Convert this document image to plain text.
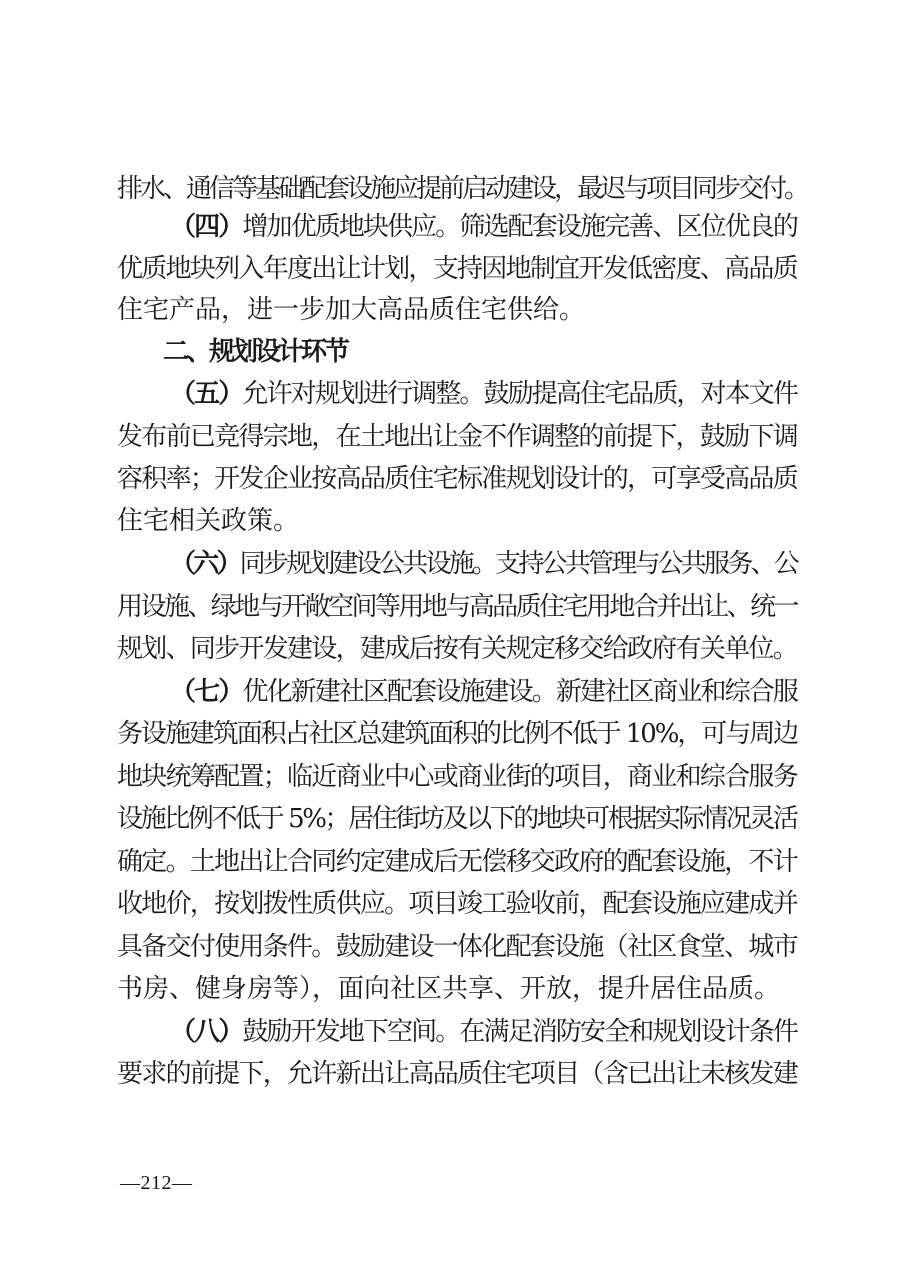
排水、通信等基础配套设施应提前启动建设，最迟与项目同步交付。
（四）增加优质地块供应。筛选配套设施完善、区位优良的
优质地块列入年度出让计划，支持因地制宜开发低密度、高品质
住宅产品，进一步加大高品质住宅供给。
二、规划设计环节
（五）允许对规划进行调整。鼓励提高住宅品质，对本文件
发布前已竞得宗地，在土地出让金不作调整的前提下，鼓励下调
容积率；开发企业按高品质住宅标准规划设计的，可享受高品质
住宅相关政策。
（六）同步规划建设公共设施。支持公共管理与公共服务、公
用设施、绿地与开敞空间等用地与高品质住宅用地合并出让、统一
规划、同步开发建设，建成后按有关规定移交给政府有关单位。
（七）优化新建社区配套设施建设。新建社区商业和综合服
务设施建筑面积占社区总建筑面积的比例不低于 10%，可与周边
地块统筹配置；临近商业中心或商业街的项目，商业和综合服务
设施比例不低于 5%；居住街坊及以下的地块可根据实际情况灵活
确定。土地出让合同约定建成后无偿移交政府的配套设施，不计
收地价，按划拨性质供应。项目竣工验收前，配套设施应建成并
具备交付使用条件。鼓励建设一体化配套设施（社区食堂、城市
书房、健身房等），面向社区共享、开放，提升居住品质。
（八）鼓励开发地下空间。在满足消防安全和规划设计条件
要求的前提下，允许新出让高品质住宅项目（含已出让未核发建
—212—
